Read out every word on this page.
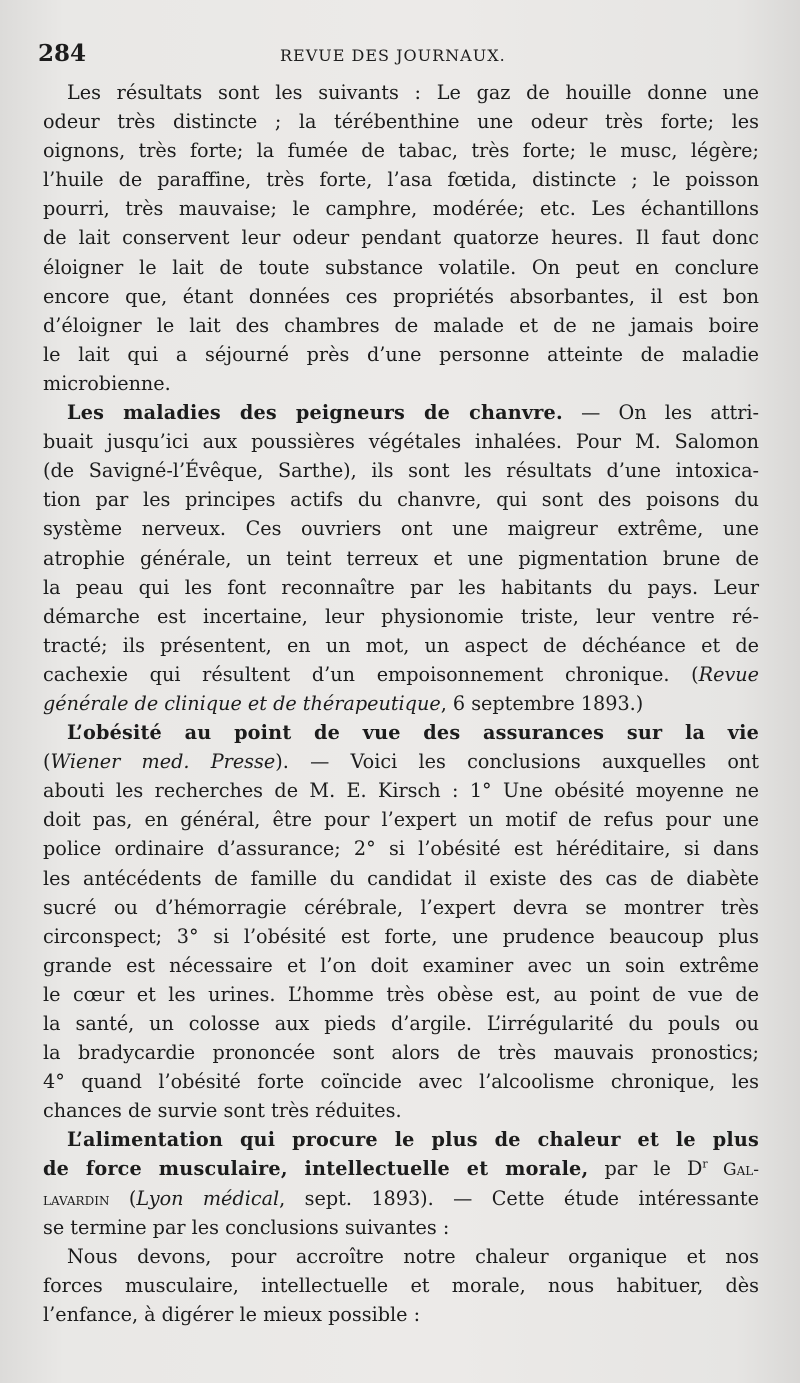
284	REVUE DES JOURNAUX.
Les résultats sont les suivants : Le gaz de houille donne une
odeur très distincte ; la térébenthine une odeur très forte; les
oignons, très forte; la fumée de tabac, très forte; le musc, légère;
l’huile de paraffine, très forte, l’asa fœtida, distincte ; le poisson
pourri, très mauvaise; le camphre, modérée; etc. Les échantillons
de lait conservent leur odeur pendant quatorze heures. Il faut donc
éloigner le lait de toute substance volatile. On peut en conclure
encore que, étant données ces propriétés absorbantes, il est bon
d’éloigner le lait des chambres de malade et de ne jamais boire
le lait qui a séjourné près d’une personne atteinte de maladie
microbienne.
Les maladies des peigneurs de chanvre. — On les attri-
buait jusqu’ici aux poussières végétales inhalées. Pour M. Salomon
(de Savigné-l’Évêque, Sarthe), ils sont les résultats d’une intoxica-
tion par les principes actifs du chanvre, qui sont des poisons du
système nerveux. Ces ouvriers ont une maigreur extrême, une
atrophie générale, un teint terreux et une pigmentation brune de
la peau qui les font reconnaître par les habitants du pays. Leur
démarche est incertaine, leur physionomie triste, leur ventre ré-
tracté; ils présentent, en un mot, un aspect de déchéance et de
cachexie qui résultent d’un empoisonnement chronique. (Revue
générale de clinique et de thérapeutique, 6 septembre 1893.)
L’obésité au point de vue des assurances sur la vie
(Wiener med. Presse). — Voici les conclusions auxquelles ont
abouti les recherches de M. E. Kirsch : 1° Une obésité moyenne ne
doit pas, en général, être pour l’expert un motif de refus pour une
police ordinaire d’assurance; 2° si l’obésité est héréditaire, si dans
les antécédents de famille du candidat il existe des cas de diabète
sucré ou d’hémorragie cérébrale, l’expert devra se montrer très
circonspect; 3° si l’obésité est forte, une prudence beaucoup plus
grande est nécessaire et l’on doit examiner avec un soin extrême
le cœur et les urines. L’homme très obèse est, au point de vue de
la santé, un colosse aux pieds d’argile. L’irrégularité du pouls ou
la bradycardie prononcée sont alors de très mauvais pronostics;
4° quand l’obésité forte coïncide avec l’alcoolisme chronique, les
chances de survie sont très réduites.
L’alimentation qui procure le plus de chaleur et le plus
de force musculaire, intellectuelle et morale, par le $D^r$ Gal-
lavardin (Lyon médical, sept. 1893). — Cette étude intéressante
se termine par les conclusions suivantes :
Nous devons, pour accroître notre chaleur organique et nos
forces musculaire, intellectuelle et morale, nous habituer, dès
l’enfance, à digérer le mieux possible :
